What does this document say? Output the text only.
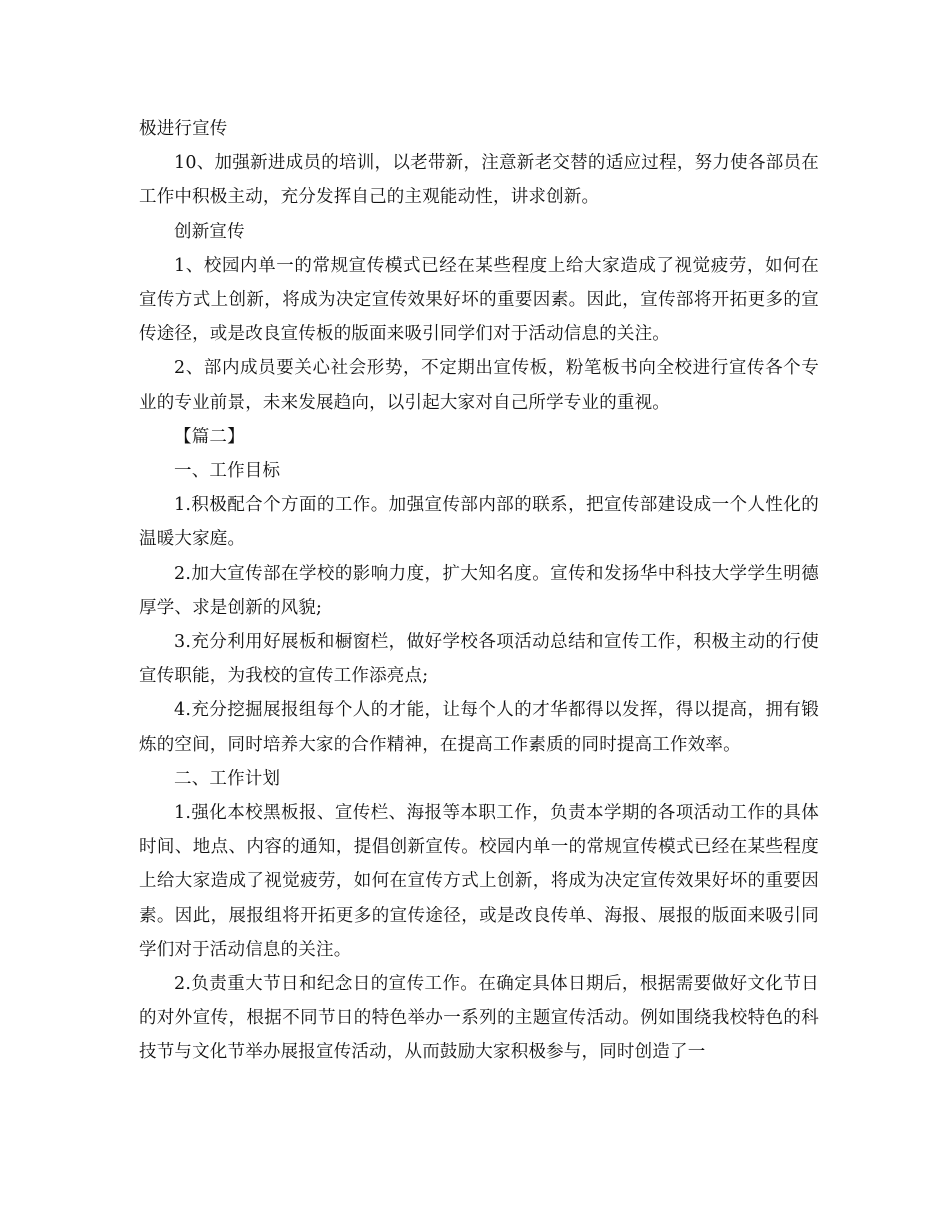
极进行宣传

10、加强新进成员的培训，以老带新，注意新老交替的适应过程，努力使各部员在工作中积极主动，充分发挥自己的主观能动性，讲求创新。

创新宣传

1、校园内单一的常规宣传模式已经在某些程度上给大家造成了视觉疲劳，如何在宣传方式上创新，将成为决定宣传效果好坏的重要因素。因此，宣传部将开拓更多的宣传途径，或是改良宣传板的版面来吸引同学们对于活动信息的关注。

2、部内成员要关心社会形势，不定期出宣传板，粉笔板书向全校进行宣传各个专业的专业前景，未来发展趋向，以引起大家对自己所学专业的重视。

【篇二】

一、工作目标

1.积极配合个方面的工作。加强宣传部内部的联系，把宣传部建设成一个人性化的温暖大家庭。

2.加大宣传部在学校的影响力度，扩大知名度。宣传和发扬华中科技大学学生明德厚学、求是创新的风貌;

3.充分利用好展板和橱窗栏，做好学校各项活动总结和宣传工作，积极主动的行使宣传职能，为我校的宣传工作添亮点;

4.充分挖掘展报组每个人的才能，让每个人的才华都得以发挥，得以提高，拥有锻炼的空间，同时培养大家的合作精神，在提高工作素质的同时提高工作效率。

二、工作计划

1.强化本校黑板报、宣传栏、海报等本职工作，负责本学期的各项活动工作的具体时间、地点、内容的通知，提倡创新宣传。校园内单一的常规宣传模式已经在某些程度上给大家造成了视觉疲劳，如何在宣传方式上创新，将成为决定宣传效果好坏的重要因素。因此，展报组将开拓更多的宣传途径，或是改良传单、海报、展报的版面来吸引同学们对于活动信息的关注。

2.负责重大节日和纪念日的宣传工作。在确定具体日期后，根据需要做好文化节日的对外宣传，根据不同节日的特色举办一系列的主题宣传活动。例如围绕我校特色的科技节与文化节举办展报宣传活动，从而鼓励大家积极参与，同时创造了一
